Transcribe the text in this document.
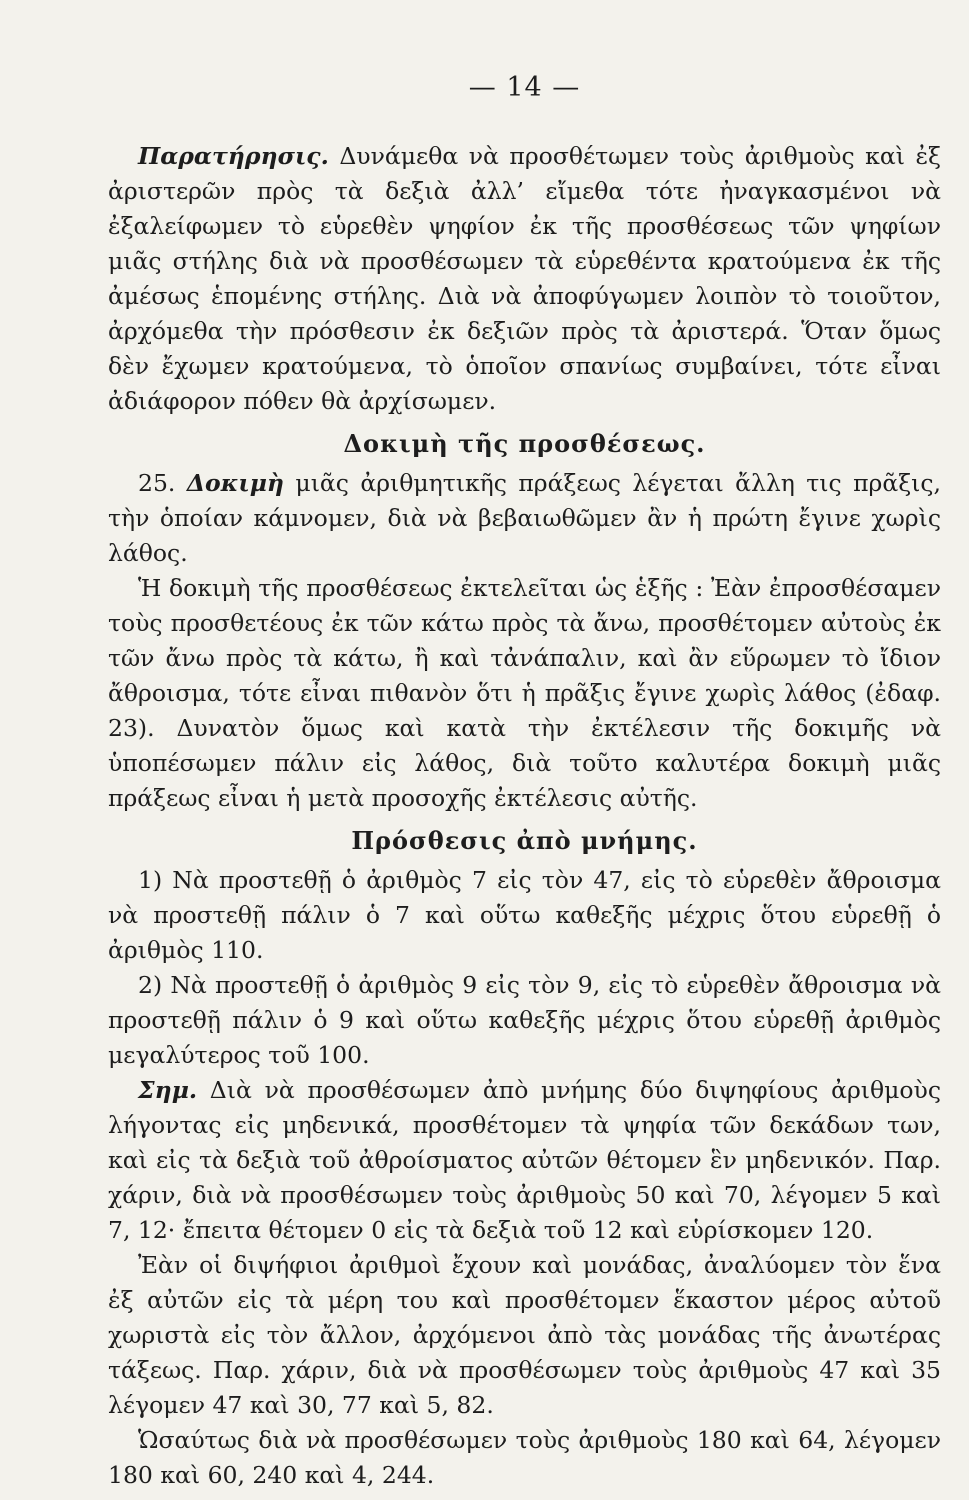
— 14 —

Παρατήρησις. Δυνάμεθα νὰ προσθέτωμεν τοὺς ἀριθμοὺς καὶ ἐξ ἀριστερῶν πρὸς τὰ δεξιὰ ἀλλ’ εἴμεθα τότε ἠναγκασμένοι νὰ ἐξαλείφωμεν τὸ εὑρεθὲν ψηφίον ἐκ τῆς προσθέσεως τῶν ψηφίων μιᾶς στήλης διὰ νὰ προσθέσωμεν τὰ εὑρεθέντα κρατούμενα ἐκ τῆς ἀμέσως ἑπομένης στήλης. Διὰ νὰ ἀποφύγωμεν λοιπὸν τὸ τοιοῦτον, ἀρχόμεθα τὴν πρόσθεσιν ἐκ δεξιῶν πρὸς τὰ ἀριστερά. Ὅταν ὅμως δὲν ἔχωμεν κρατούμενα, τὸ ὁποῖον σπανίως συμβαίνει, τότε εἶναι ἀδιάφορον πόθεν θὰ ἀρχίσωμεν.

Δοκιμὴ τῆς προσθέσεως.

25. Δοκιμὴ μιᾶς ἀριθμητικῆς πράξεως λέγεται ἄλλη τις πρᾶξις, τὴν ὁποίαν κάμνομεν, διὰ νὰ βεβαιωθῶμεν ἂν ἡ πρώτη ἔγινε χωρὶς λάθος.

Ἡ δοκιμὴ τῆς προσθέσεως ἐκτελεῖται ὡς ἑξῆς : Ἐὰν ἐπροσθέσαμεν τοὺς προσθετέους ἐκ τῶν κάτω πρὸς τὰ ἄνω, προσθέτομεν αὐτοὺς ἐκ τῶν ἄνω πρὸς τὰ κάτω, ἢ καὶ τἀνάπαλιν, καὶ ἂν εὕρωμεν τὸ ἴδιον ἄθροισμα, τότε εἶναι πιθανὸν ὅτι ἡ πρᾶξις ἔγινε χωρὶς λάθος (ἐδαφ. 23). Δυνατὸν ὅμως καὶ κατὰ τὴν ἐκτέλεσιν τῆς δοκιμῆς νὰ ὑποπέσωμεν πάλιν εἰς λάθος, διὰ τοῦτο καλυτέρα δοκιμὴ μιᾶς πράξεως εἶναι ἡ μετὰ προσοχῆς ἐκτέλεσις αὐτῆς.

Πρόσθεσις ἀπὸ μνήμης.

1) Νὰ προστεθῇ ὁ ἀριθμὸς 7 εἰς τὸν 47, εἰς τὸ εὑρεθὲν ἄθροισμα νὰ προστεθῇ πάλιν ὁ 7 καὶ οὕτω καθεξῆς μέχρις ὅτου εὑρεθῇ ὁ ἀριθμὸς 110.

2) Νὰ προστεθῇ ὁ ἀριθμὸς 9 εἰς τὸν 9, εἰς τὸ εὑρεθὲν ἄθροισμα νὰ προστεθῇ πάλιν ὁ 9 καὶ οὕτω καθεξῆς μέχρις ὅτου εὑρεθῇ ἀριθμὸς μεγαλύτερος τοῦ 100.

Σημ. Διὰ νὰ προσθέσωμεν ἀπὸ μνήμης δύο διψηφίους ἀριθμοὺς λήγοντας εἰς μηδενικά, προσθέτομεν τὰ ψηφία τῶν δεκάδων των, καὶ εἰς τὰ δεξιὰ τοῦ ἀθροίσματος αὐτῶν θέτομεν ἓν μηδενικόν. Παρ. χάριν, διὰ νὰ προσθέσωμεν τοὺς ἀριθμοὺς 50 καὶ 70, λέγομεν 5 καὶ 7, 12· ἔπειτα θέτομεν 0 εἰς τὰ δεξιὰ τοῦ 12 καὶ εὑρίσκομεν 120.

Ἐὰν οἱ διψήφιοι ἀριθμοὶ ἔχουν καὶ μονάδας, ἀναλύομεν τὸν ἕνα ἐξ αὐτῶν εἰς τὰ μέρη του καὶ προσθέτομεν ἕκαστον μέρος αὐτοῦ χωριστὰ εἰς τὸν ἄλλον, ἀρχόμενοι ἀπὸ τὰς μονάδας τῆς ἀνωτέρας τάξεως. Παρ. χάριν, διὰ νὰ προσθέσωμεν τοὺς ἀριθμοὺς 47 καὶ 35 λέγομεν 47 καὶ 30, 77 καὶ 5, 82.

Ὡσαύτως διὰ νὰ προσθέσωμεν τοὺς ἀριθμοὺς 180 καὶ 64, λέγομεν 180 καὶ 60, 240 καὶ 4, 244.
